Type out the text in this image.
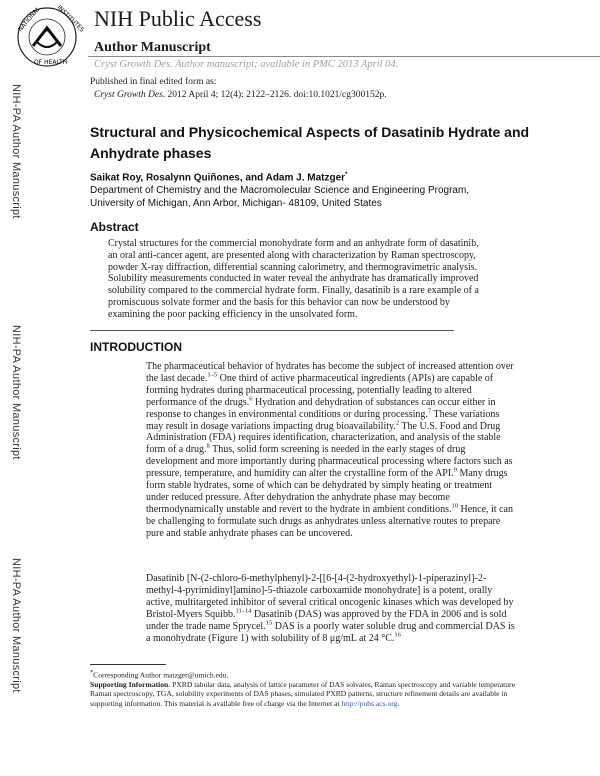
NATIONAL INSTITUTES
OF HEALTH
NIH Public Access
Author Manuscript
Cryst Growth Des. Author manuscript; available in PMC 2013 April 04.
Published in final edited form as:
Cryst Growth Des. 2012 April 4; 12(4): 2122–2126. doi:10.1021/cg300152p.
NIH-PA Author Manuscript
NIH-PA Author Manuscript
NIH-PA Author Manuscript
Structural and Physicochemical Aspects of Dasatinib Hydrate and Anhydrate phases
Saikat Roy, Rosalynn Quiñones, and Adam J. Matzger*
Department of Chemistry and the Macromolecular Science and Engineering Program, University of Michigan, Ann Arbor, Michigan- 48109, United States
Abstract
Crystal structures for the commercial monohydrate form and an anhydrate form of dasatinib, an oral anti-cancer agent, are presented along with characterization by Raman spectroscopy, powder X-ray diffraction, differential scanning calorimetry, and thermogravimetric analysis. Solubility measurements conducted in water reveal the anhydrate has dramatically improved solubility compared to the commercial hydrate form. Finally, dasatinib is a rare example of a promiscuous solvate former and the basis for this behavior can now be understood by examining the poor packing efficiency in the unsolvated form.
INTRODUCTION
The pharmaceutical behavior of hydrates has become the subject of increased attention over the last decade.$^{1-5}$ One third of active pharmaceutical ingredients (APIs) are capable of forming hydrates during pharmaceutical processing, potentially leading to altered performance of the drugs.$^6$ Hydration and dehydration of substances can occur either in response to changes in environmental conditions or during processing.$^7$ These variations may result in dosage variations impacting drug bioavailability.$^2$ The U.S. Food and Drug Administration (FDA) requires identification, characterization, and analysis of the stable form of a drug.$^8$ Thus, solid form screening is needed in the early stages of drug development and more importantly during pharmaceutical processing where factors such as pressure, temperature, and humidity can alter the crystalline form of the API.$^9$ Many drugs form stable hydrates, some of which can be dehydrated by simply heating or treatment under reduced pressure. After dehydration the anhydrate phase may become thermodynamically unstable and revert to the hydrate in ambient conditions.$^{10}$ Hence, it can be challenging to formulate such drugs as anhydrates unless alternative routes to prepare pure and stable anhydrate phases can be uncovered.
Dasatinib [N-(2-chloro-6-methylphenyl)-2-[[6-[4-(2-hydroxyethyl)-1-piperazinyl]-2-methyl-4-pyrimidinyl]amino]-5-thiazole carboxamide monohydrate] is a potent, orally active, multitargeted inhibitor of several critical oncogenic kinases which was developed by Bristol-Myers Squibb.$^{11-14}$ Dasatinib (DAS) was approved by the FDA in 2006 and is sold under the trade name Sprycel.$^{15}$ DAS is a poorly water soluble drug and commercial DAS is a monohydrate (Figure 1) with solubility of 8 μg/mL at 24 °C.$^{16}$
*Corresponding Author matzger@umich.edu.
Supporting Information. PXRD tabular data, analysis of lattice parameter of DAS solvates, Raman spectroscopy and variable temperature Raman spectroscopy, TGA, solubility experiments of DAS phases, simulated PXRD patterns, structure refinement details are available in supporting information. This material is available free of charge via the Internet at http://pubs.acs.org.
